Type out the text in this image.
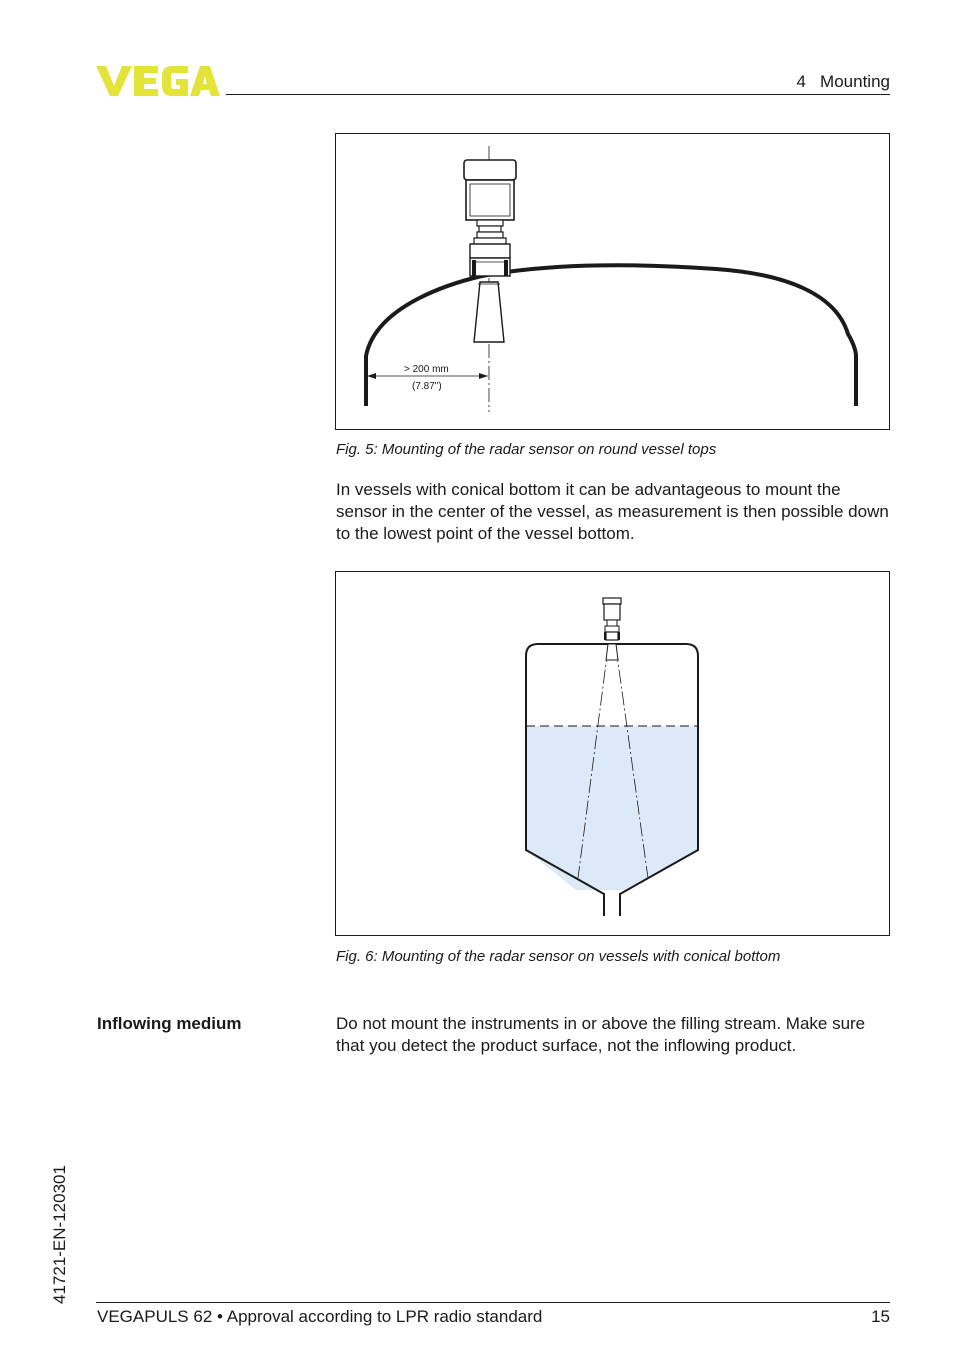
4   Mounting
> 200 mm
(7.87")
Fig. 5: Mounting of the radar sensor on round vessel tops
In vessels with conical bottom it can be advantageous to mount the sensor in the center of the vessel, as measurement is then possible down to the lowest point of the vessel bottom.
Fig. 6: Mounting of the radar sensor on vessels with conical bottom
Inflowing medium	Do not mount the instruments in or above the filling stream. Make sure that you detect the product surface, not the inflowing product.
41721-EN-120301
VEGAPULS 62 • Approval according to LPR radio standard	15
